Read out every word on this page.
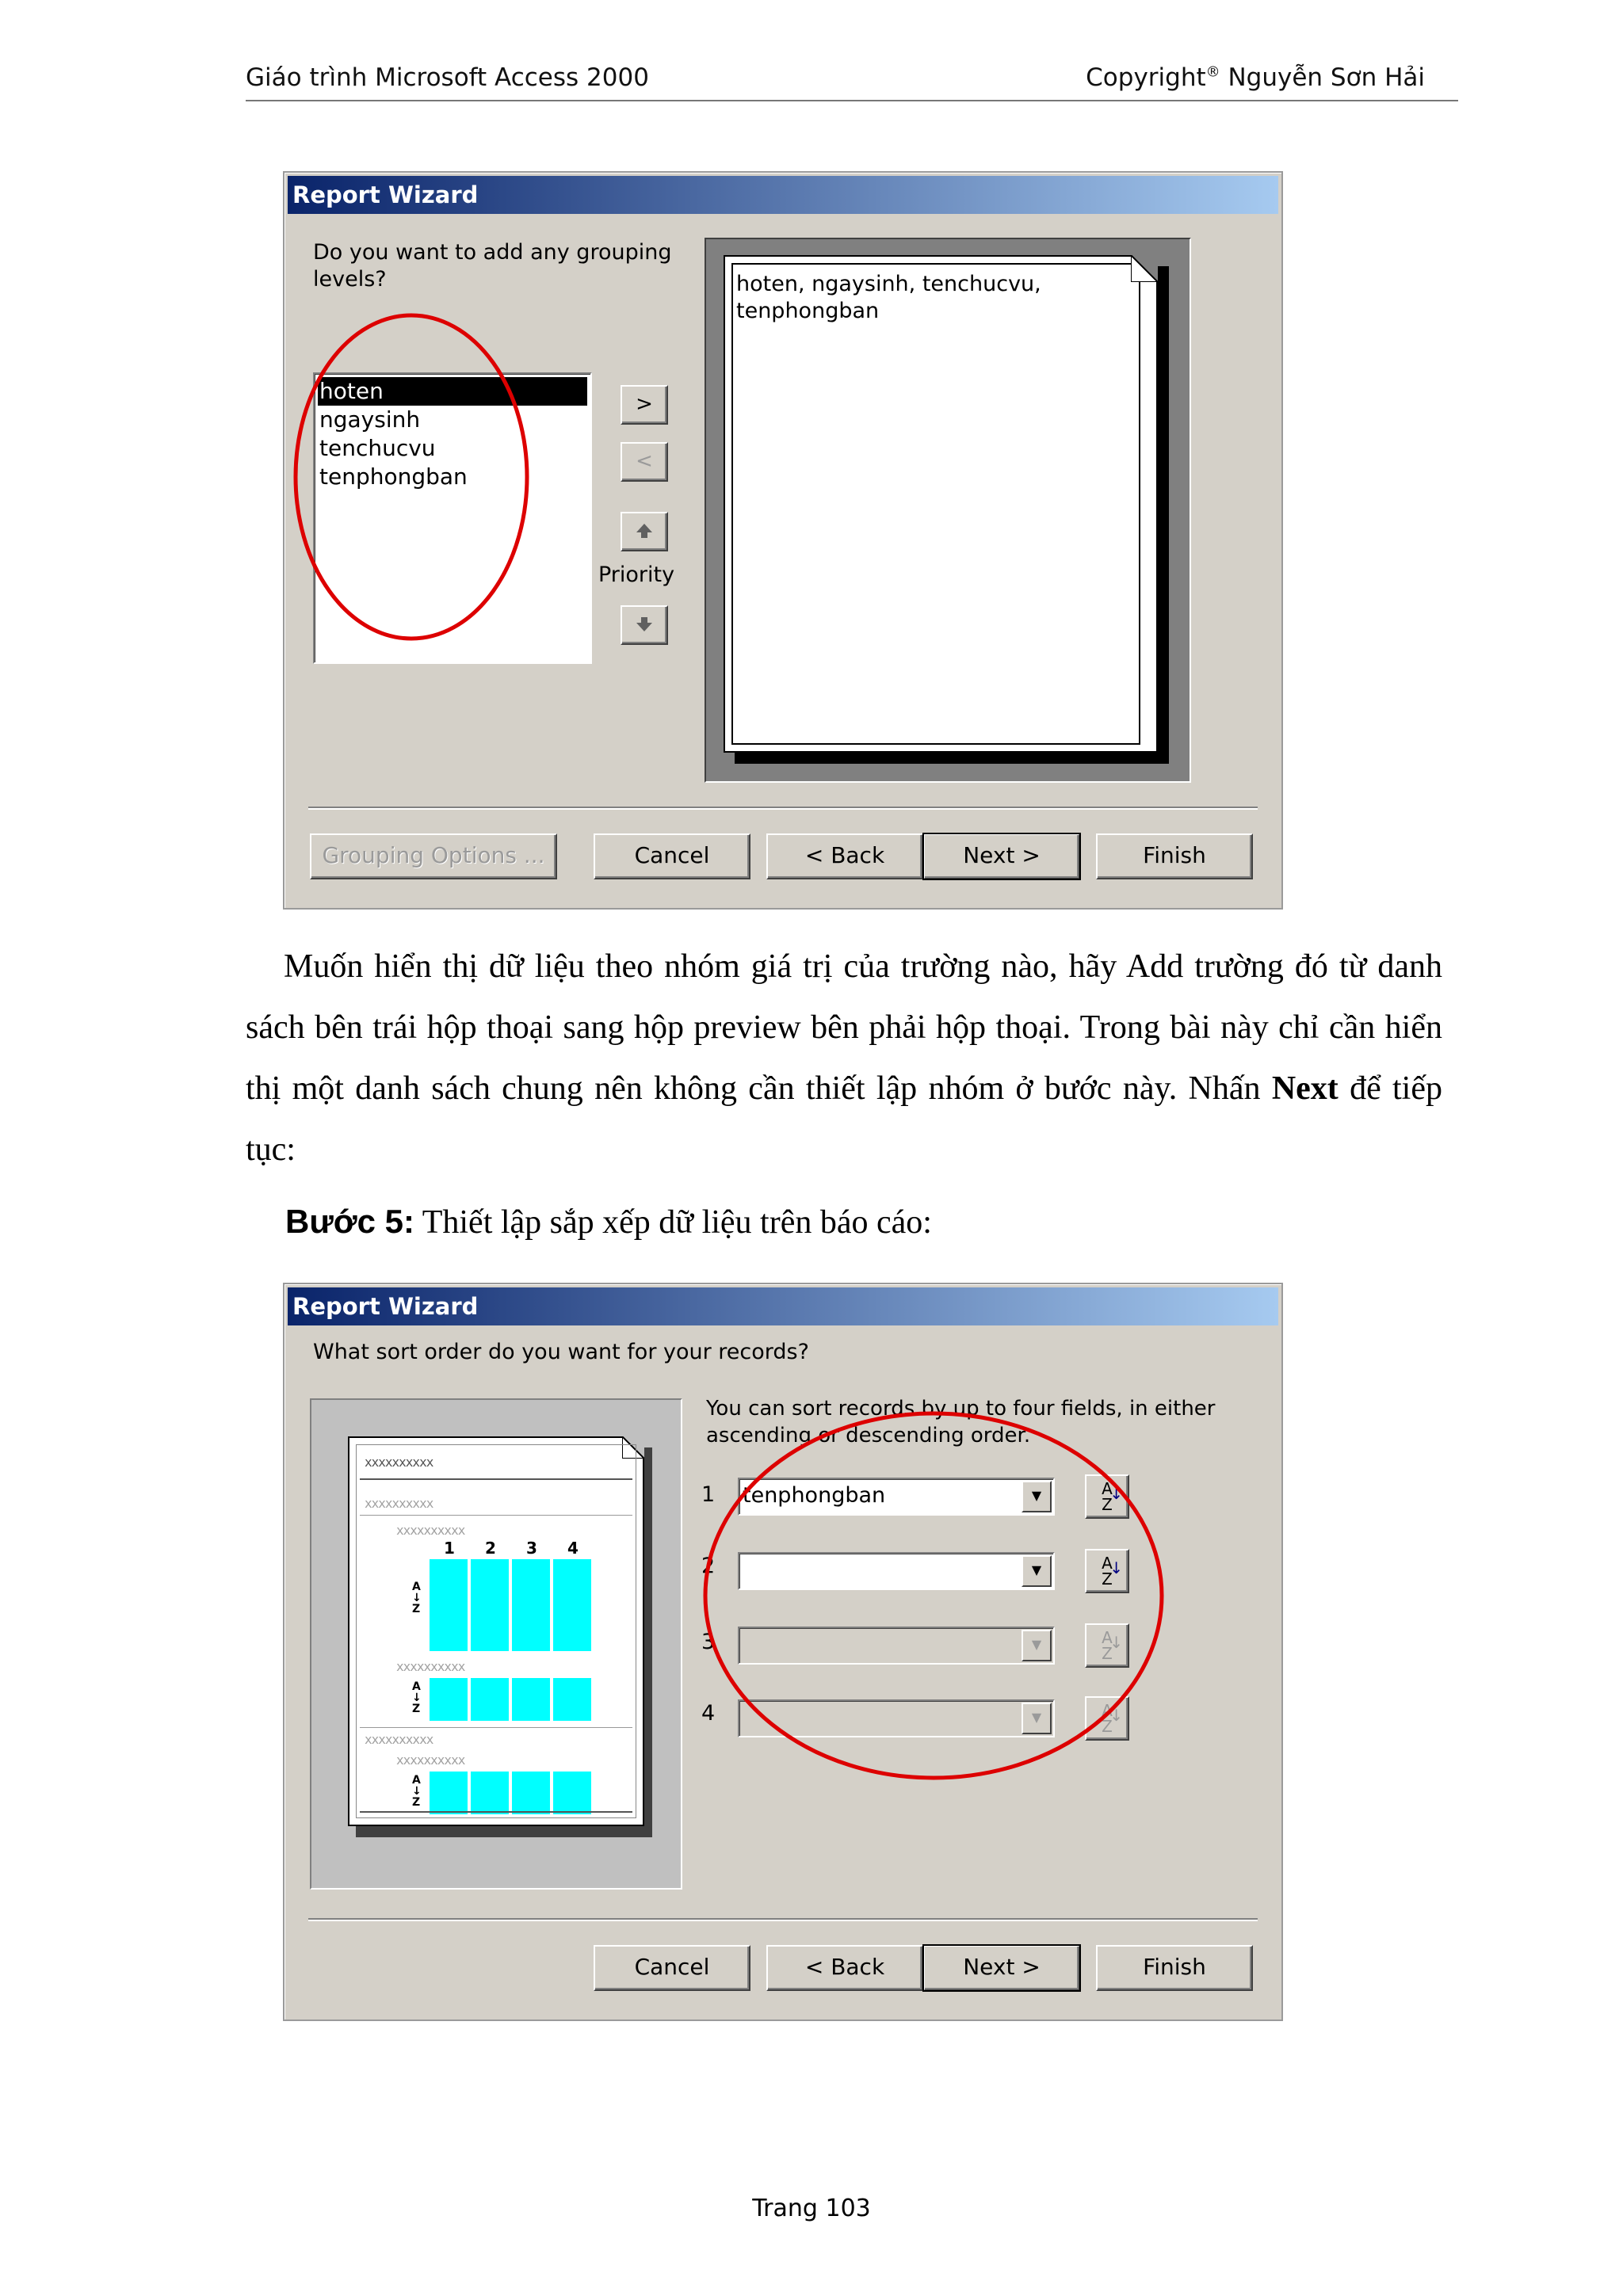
Giáo trình Microsoft Access 2000	Copyright® Nguyễn Sơn Hải
Report Wizard
Do you want to add any grouping
levels?
hoten
ngaysinh
tenchucvu
tenphongban
>
<
Priority
hoten, ngaysinh, tenchucvu,
tenphongban
Grouping Options ...	Cancel	< Back	Next >	Finish
Muốn hiển thị dữ liệu theo nhóm giá trị của trường nào, hãy Add trường đó từ danh sách bên trái hộp thoại sang hộp preview bên phải hộp thoại. Trong bài này chỉ cần hiển thị một danh sách chung nên không cần thiết lập nhóm ở bước này. Nhấn Next để tiếp tục:
Bước 5: Thiết lập sắp xếp dữ liệu trên báo cáo:
Report Wizard
What sort order do you want for your records?
xxxxxxxxxx
xxxxxxxxxx
xxxxxxxxxx
1 2 3 4
A
↓
Z
xxxxxxxxxx
A
↓
Z
xxxxxxxxxx
xxxxxxxxxx
A
↓
Z
You can sort records by up to four fields, in either
ascending or descending order.
1 tenphongban	▼	A
Z
↓
2	▼	A
Z
↓
3	▼	A
Z
↓
4	▼	A
Z
↓
Cancel	< Back	Next >	Finish
Trang 103
